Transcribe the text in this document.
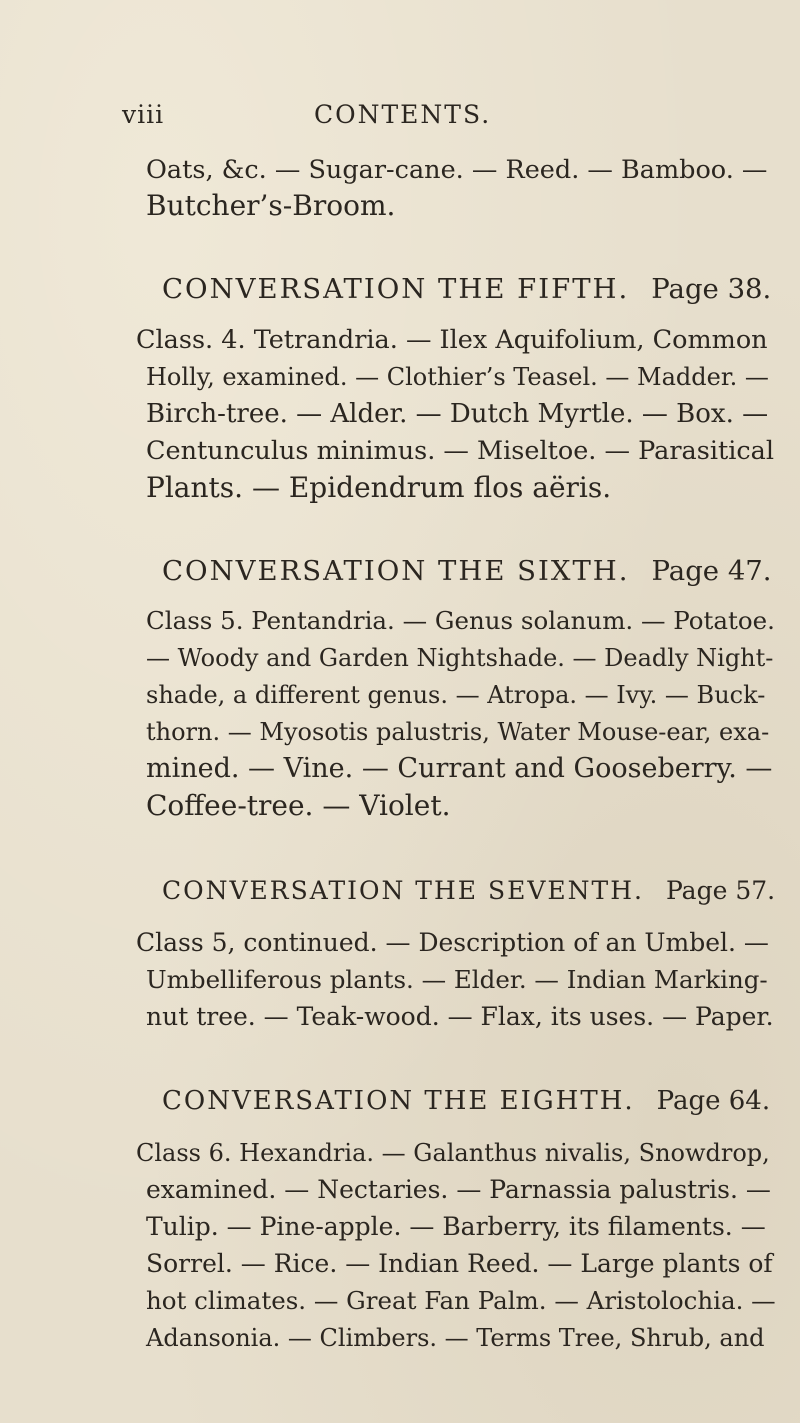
viii	CONTENTS.
Oats, &c. — Sugar-cane. — Reed. — Bamboo. —
Butcher’s-Broom.
CONVERSATION THE FIFTH. Page 38.
Class. 4. Tetrandria. — Ilex Aquifolium, Common
Holly, examined. — Clothier’s Teasel. — Madder. —
Birch-tree. — Alder. — Dutch Myrtle. — Box. —
Centunculus minimus. — Miseltoe. — Parasitical
Plants. — Epidendrum flos aëris.
CONVERSATION THE SIXTH. Page 47.
Class 5. Pentandria. — Genus solanum. — Potatoe.
— Woody and Garden Nightshade. — Deadly Night-
shade, a different genus. — Atropa. — Ivy. — Buck-
thorn. — Myosotis palustris, Water Mouse-ear, exa-
mined. — Vine. — Currant and Gooseberry. —
Coffee-tree. — Violet.
CONVERSATION THE SEVENTH. Page 57.
Class 5, continued. — Description of an Umbel. —
Umbelliferous plants. — Elder. — Indian Marking-
nut tree. — Teak-wood. — Flax, its uses. — Paper.
CONVERSATION THE EIGHTH. Page 64.
Class 6. Hexandria. — Galanthus nivalis, Snowdrop,
examined. — Nectaries. — Parnassia palustris. —
Tulip. — Pine-apple. — Barberry, its filaments. —
Sorrel. — Rice. — Indian Reed. — Large plants of
hot climates. — Great Fan Palm. — Aristolochia. —
Adansonia. — Climbers. — Terms Tree, Shrub, and
